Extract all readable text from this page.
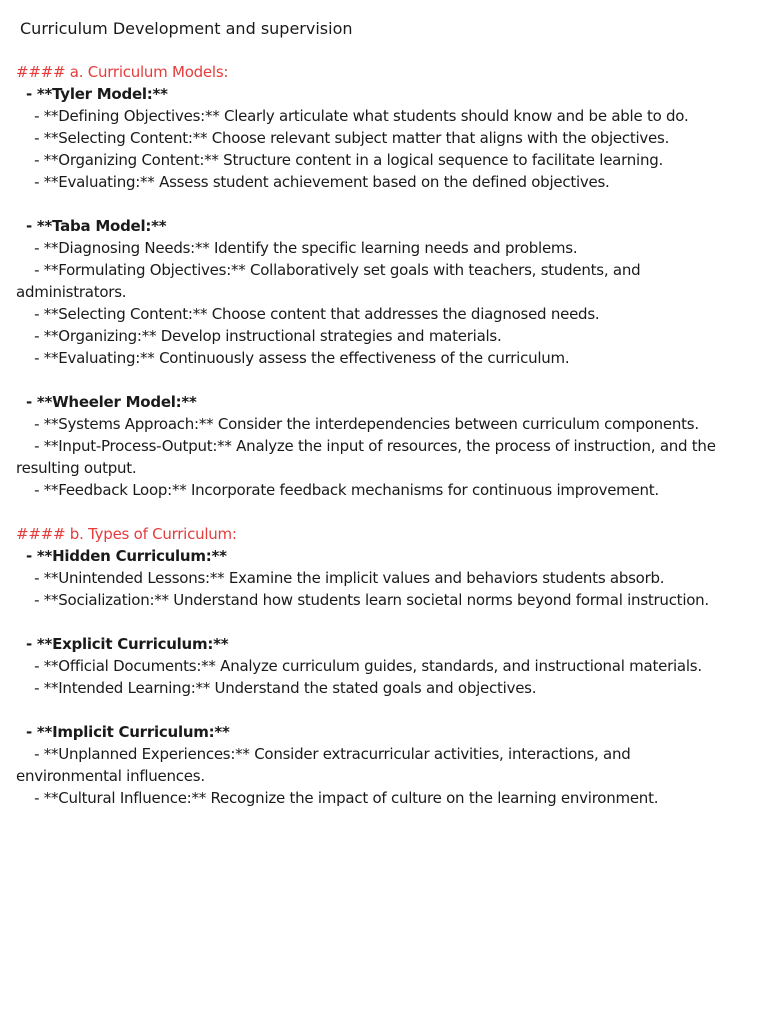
Curriculum Development and supervision
#### a. Curriculum Models:
- **Tyler Model:**
- **Defining Objectives:** Clearly articulate what students should know and be able to do.
- **Selecting Content:** Choose relevant subject matter that aligns with the objectives.
- **Organizing Content:** Structure content in a logical sequence to facilitate learning.
- **Evaluating:** Assess student achievement based on the defined objectives.
- **Taba Model:**
- **Diagnosing Needs:** Identify the specific learning needs and problems.
- **Formulating Objectives:** Collaboratively set goals with teachers, students, and administrators.
- **Selecting Content:** Choose content that addresses the diagnosed needs.
- **Organizing:** Develop instructional strategies and materials.
- **Evaluating:** Continuously assess the effectiveness of the curriculum.
- **Wheeler Model:**
- **Systems Approach:** Consider the interdependencies between curriculum components.
- **Input-Process-Output:** Analyze the input of resources, the process of instruction, and the resulting output.
- **Feedback Loop:** Incorporate feedback mechanisms for continuous improvement.
#### b. Types of Curriculum:
- **Hidden Curriculum:**
- **Unintended Lessons:** Examine the implicit values and behaviors students absorb.
- **Socialization:** Understand how students learn societal norms beyond formal instruction.
- **Explicit Curriculum:**
- **Official Documents:** Analyze curriculum guides, standards, and instructional materials.
- **Intended Learning:** Understand the stated goals and objectives.
- **Implicit Curriculum:**
- **Unplanned Experiences:** Consider extracurricular activities, interactions, and environmental influences.
- **Cultural Influence:** Recognize the impact of culture on the learning environment.
